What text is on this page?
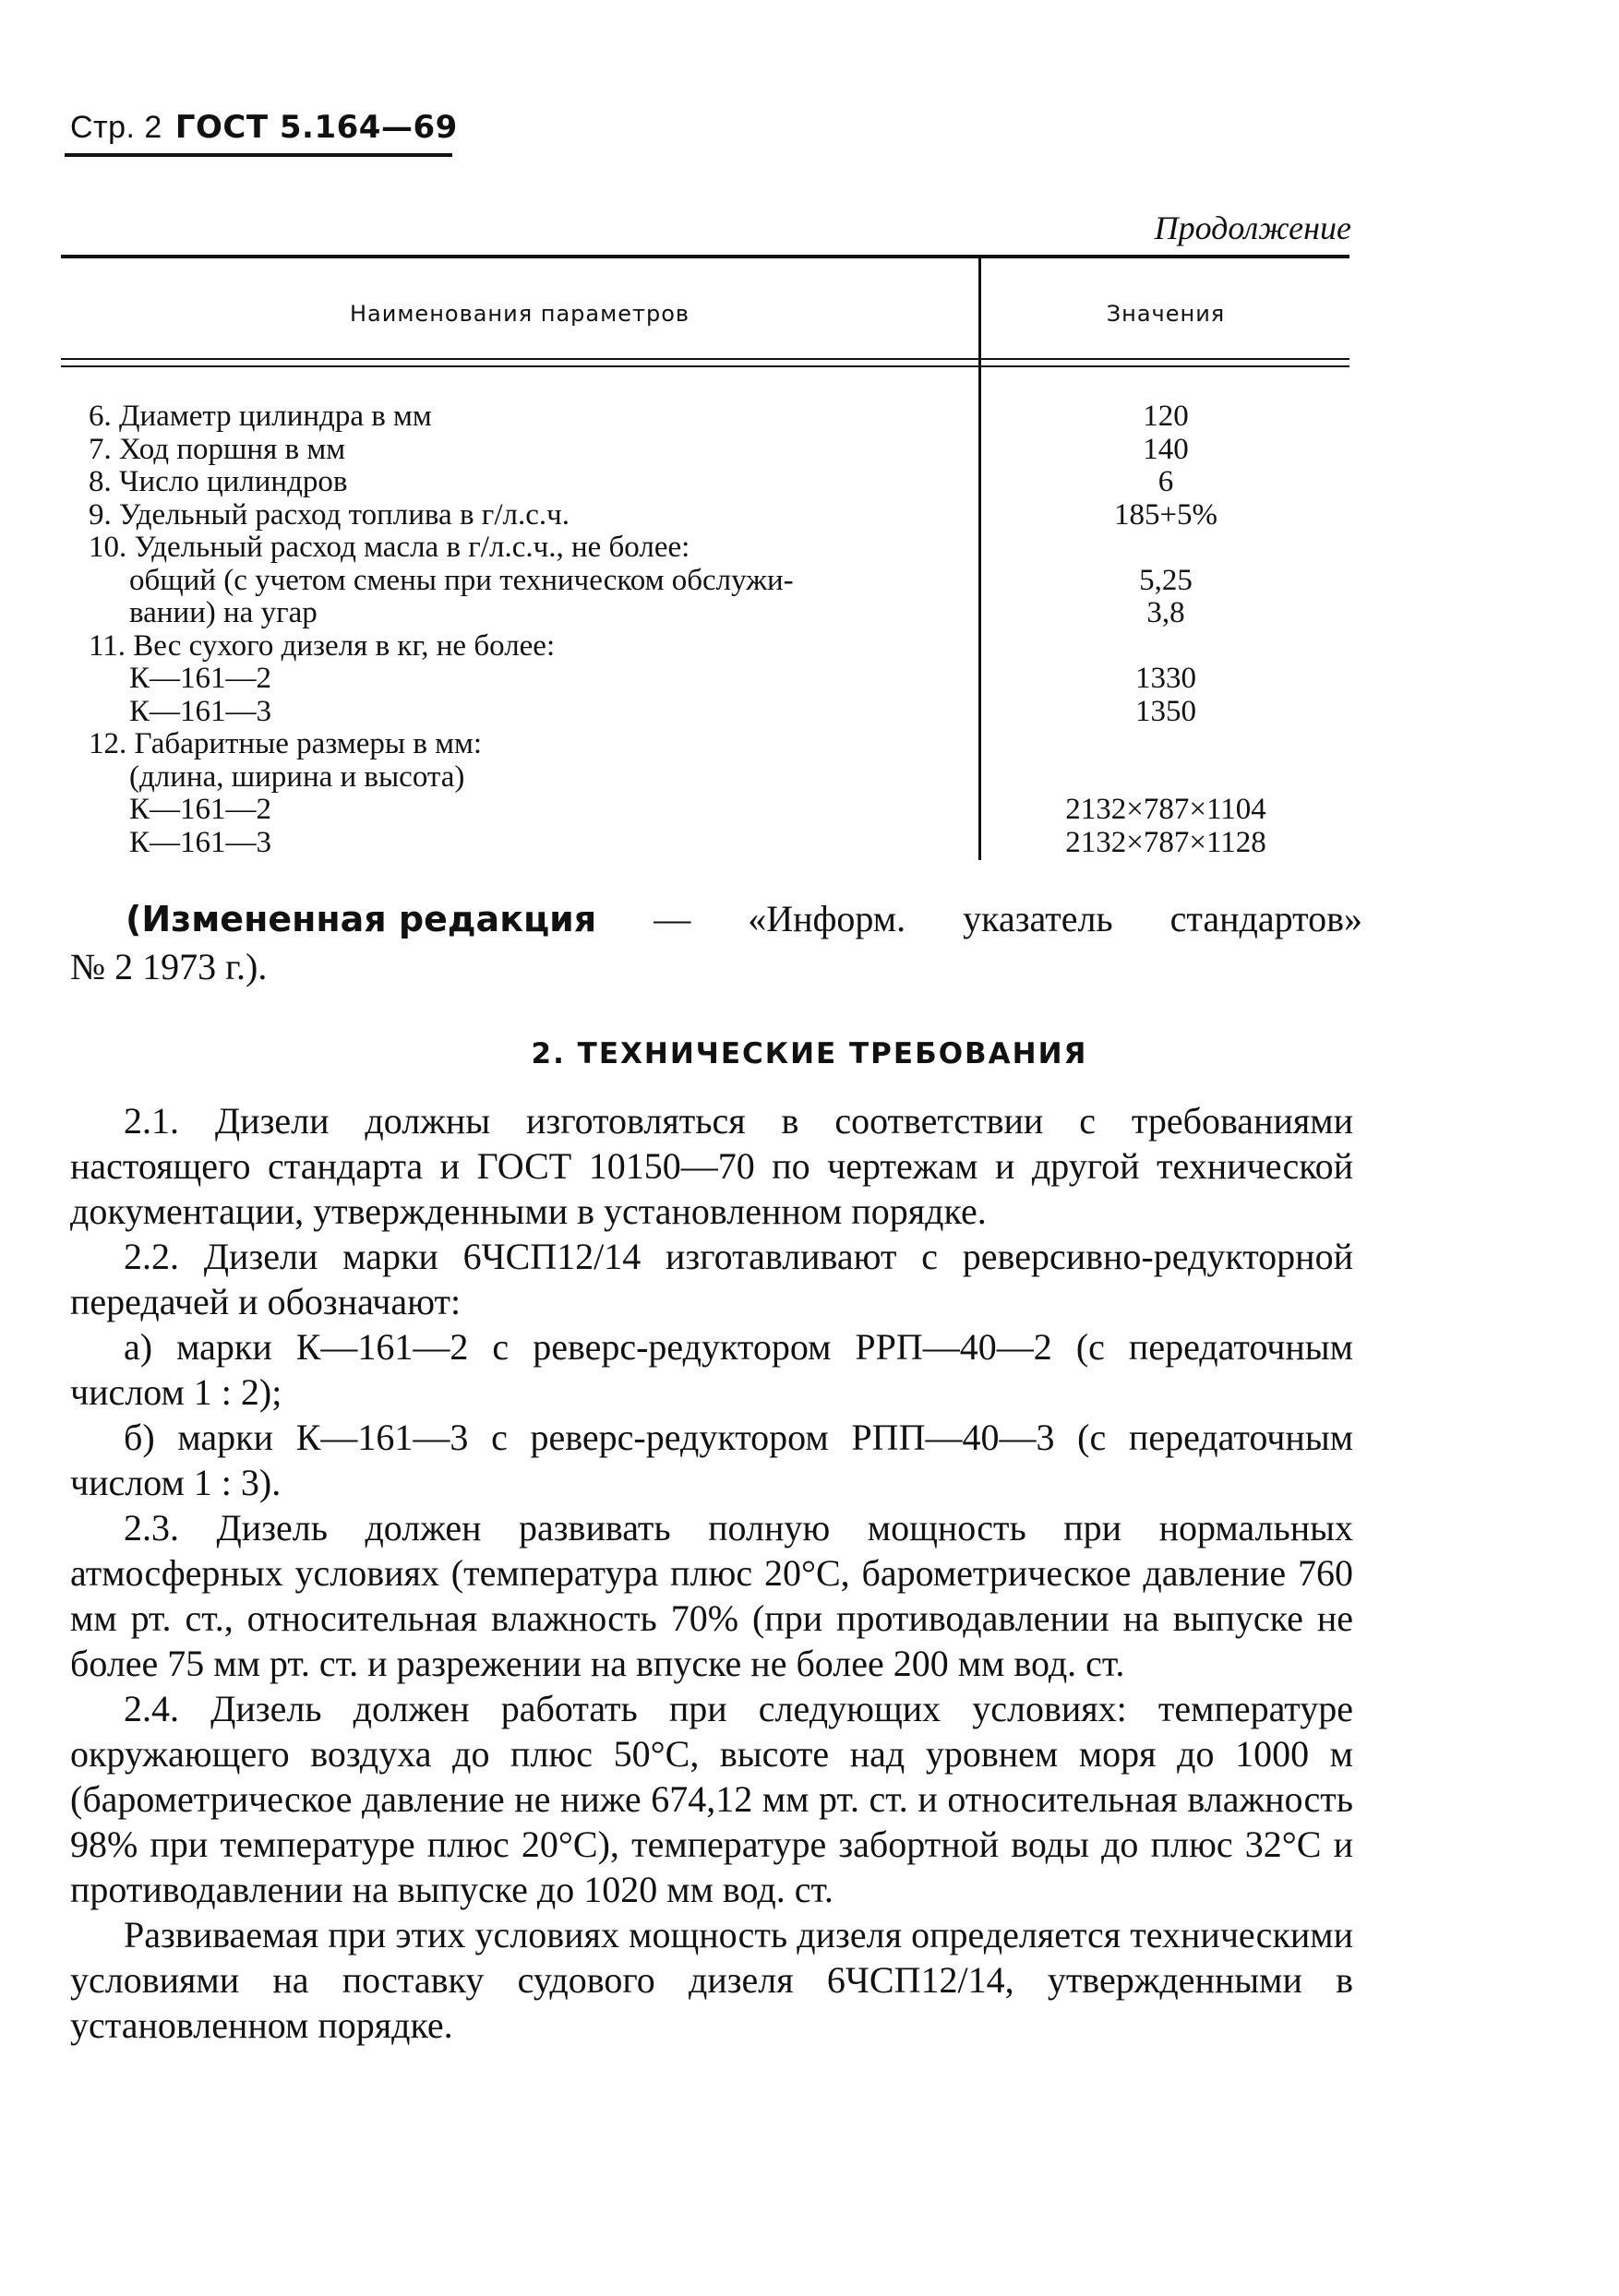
Стр. 2 ГОСТ 5.164—69
Продолжение
Наименования параметров	Значения
6. Диаметр цилиндра в мм	120
7. Ход поршня в мм	140
8. Число цилиндров	6
9. Удельный расход топлива в г/л.с.ч.	185+5%
10. Удельный расход масла в г/л.с.ч., не более:
общий (с учетом смены при техническом обслужи-	5,25
вании) на угар	3,8
11. Вес сухого дизеля в кг, не более:
К—161—2	1330
К—161—3	1350
12. Габаритные размеры в мм:
(длина, ширина и высота)
К—161—2	2132×787×1104
К—161—3	2132×787×1128
(Измененная редакция — «Информ. указатель стандартов»
№ 2 1973 г.).
2. ТЕХНИЧЕСКИЕ ТРЕБОВАНИЯ

2.1. Дизели должны изготовляться в соответствии с требованиями настоящего стандарта и ГОСТ 10150—70 по чертежам и другой технической документации, утвержденными в установленном порядке.

2.2. Дизели марки 6ЧСП12/14 изготавливают с реверсивно-редукторной передачей и обозначают:

а) марки К—161—2 с реверс-редуктором РРП—40—2 (с передаточным числом 1 : 2);

б) марки К—161—3 с реверс-редуктором РПП—40—3 (с передаточным числом 1 : 3).

2.3. Дизель должен развивать полную мощность при нормальных атмосферных условиях (температура плюс 20°С, барометрическое давление 760 мм рт. ст., относительная влажность 70% (при противодавлении на выпуске не более 75 мм рт. ст. и разрежении на впуске не более 200 мм вод. ст.

2.4. Дизель должен работать при следующих условиях: температуре окружающего воздуха до плюс 50°С, высоте над уровнем моря до 1000 м (барометрическое давление не ниже 674,12 мм рт. ст. и относительная влажность 98% при температуре плюс 20°С), температуре забортной воды до плюс 32°С и противодавлении на выпуске до 1020 мм вод. ст.

Развиваемая при этих условиях мощность дизеля определяется техническими условиями на поставку судового дизеля 6ЧСП12/14, утвержденными в установленном порядке.
